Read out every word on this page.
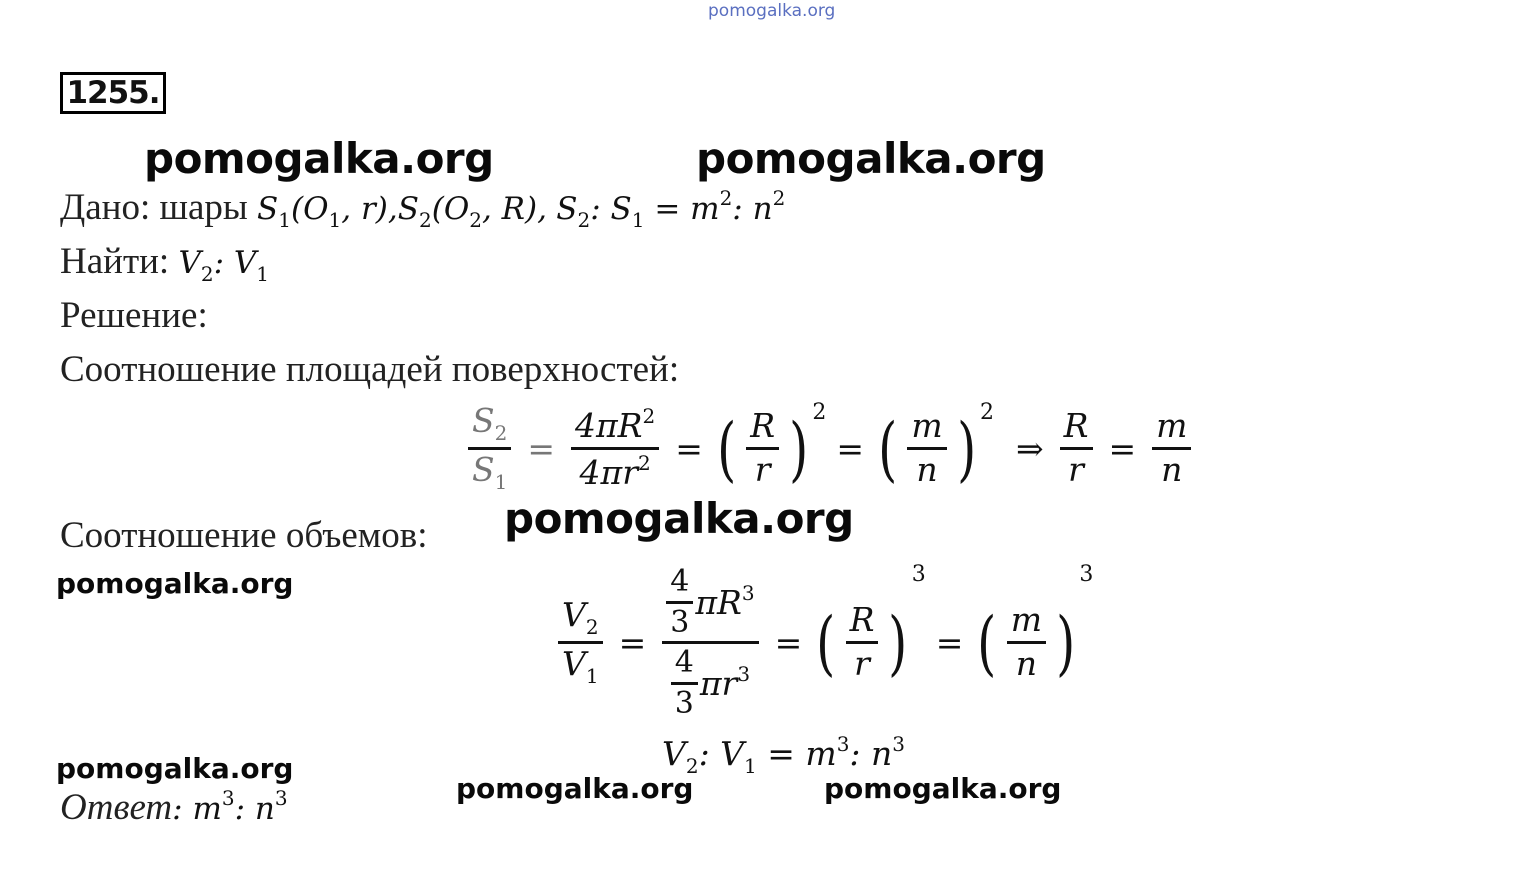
pomogalka.org
1255.
pomogalka.org	pomogalka.org
Дано: шары $S_1(O_1$, $r),S_2(O_2$, R), $S_2$: $S_1 = m^2$: $n^2$
Найти: $V_2$: $V_1$
Решение:
Соотношение площадей поверхностей:
$\frac{S_2}{S_1} = \frac{4\pi R^2}{4\pi r^2}$ = ( $\frac{R}{r}$ ) 2
= ( $\frac{m}{n}$ ) 2
⇒ $\frac{R}{r} = \frac{m}{n}$
Соотношение объемов: pomogalka.org
pomogalka.org
$\frac{V_2}{V_1} = \frac{\frac{4}{3} \pi R^3}{\frac{4}{3} \pi r^3}$ = ( $\frac{R}{r}$ )
3
= ( $\frac{m}{n}$ )
3
$V_2$: $V_1 = m^3$: $n^3$
pomogalka.org
pomogalka.org	pomogalka.org
Ответ: $m^3$: $n^3$
